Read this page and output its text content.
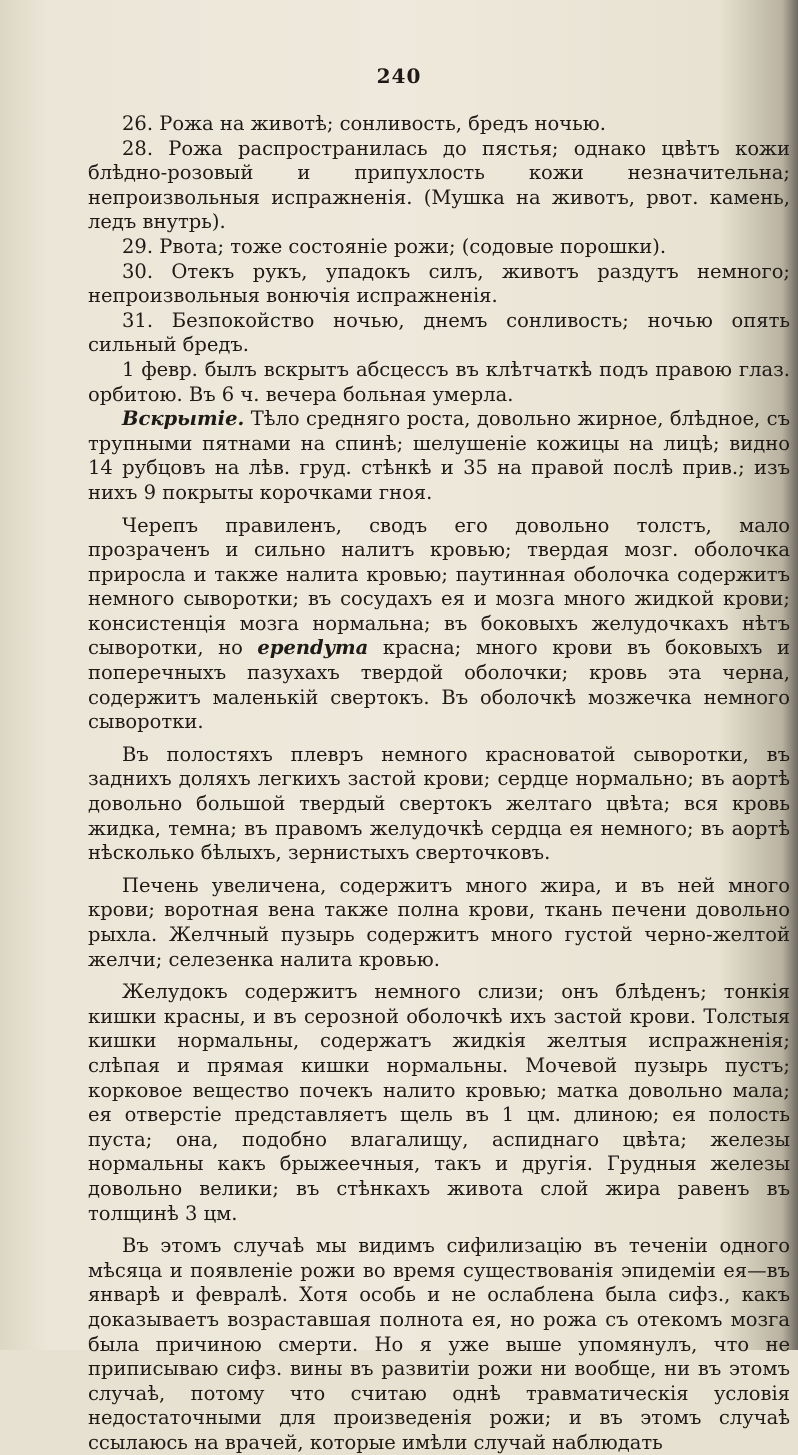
240

26. Рожа на животѣ; сонливость, бредъ ночью.

28. Рожа распространилась до пястья; однако цвѣтъ кожи блѣдно-розовый и припухлость кожи незначительна; непроизвольныя испражненія. (Мушка на животъ, рвот. камень, ледъ внутрь).

29. Рвота; тоже состояніе рожи; (содовые порошки).

30. Отекъ рукъ, упадокъ силъ, животъ раздутъ немного; непроизвольныя вонючія испражненія.

31. Безпокойство ночью, днемъ сонливость; ночью опять сильный бредъ.

1 февр. былъ вскрытъ абсцессъ въ клѣтчаткѣ подъ правою глаз. орбитою. Въ 6 ч. вечера больная умерла.

Вскрытіе. Тѣло средняго роста, довольно жирное, блѣдное, съ трупными пятнами на спинѣ; шелушеніе кожицы на лицѣ; видно 14 рубцовъ на лѣв. груд. стѣнкѣ и 35 на правой послѣ прив.; изъ нихъ 9 покрыты корочками гноя.

Черепъ правиленъ, сводъ его довольно толстъ, мало прозраченъ и сильно налитъ кровью; твердая мозг. оболочка приросла и также налита кровью; паутинная оболочка содержитъ немного сыворотки; въ сосудахъ ея и мозга много жидкой крови; консистенція мозга нормальна; въ боковыхъ желудочкахъ нѣтъ сыворотки, но ependyma красна; много крови въ боковыхъ и поперечныхъ пазухахъ твердой оболочки; кровь эта черна, содержитъ маленькій свертокъ. Въ оболочкѣ мозжечка немного сыворотки.

Въ полостяхъ плевръ немного красноватой сыворотки, въ заднихъ доляхъ легкихъ застой крови; сердце нормально; въ аортѣ довольно большой твердый свертокъ желтаго цвѣта; вся кровь жидка, темна; въ правомъ желудочкѣ сердца ея немного; въ аортѣ нѣсколько бѣлыхъ, зернистыхъ сверточковъ.

Печень увеличена, содержитъ много жира, и въ ней много крови; воротная вена также полна крови, ткань печени довольно рыхла. Желчный пузырь содержитъ много густой черно-желтой желчи; селезенка налита кровью.

Желудокъ содержитъ немного слизи; онъ блѣденъ; тонкія кишки красны, и въ серозной оболочкѣ ихъ застой крови. Толстыя кишки нормальны, содержатъ жидкія желтыя испражненія; слѣпая и прямая кишки нормальны. Мочевой пузырь пустъ; корковое вещество почекъ налито кровью; матка довольно мала; ея отверстіе представляетъ щель въ 1 цм. длиною; ея полость пуста; она, подобно влагалищу, аспиднаго цвѣта; железы нормальны какъ брыжеечныя, такъ и другія. Грудныя железы довольно велики; въ стѣнкахъ живота слой жира равенъ въ толщинѣ 3 цм.

Въ этомъ случаѣ мы видимъ сифилизацію въ теченіи одного мѣсяца и появленіе рожи во время существованія эпидеміи ея—въ январѣ и февралѣ. Хотя особь и не ослаблена была сифз., какъ доказываетъ возраставшая полнота ея, но рожа съ отекомъ мозга была причиною смерти. Но я уже выше упомянулъ, что не приписываю сифз. вины въ развитіи рожи ни вообще, ни въ этомъ случаѣ, потому что считаю однѣ травматическія условія недостаточными для произведенія рожи; и въ этомъ случаѣ ссылаюсь на врачей, которые имѣли случай наблюдать
